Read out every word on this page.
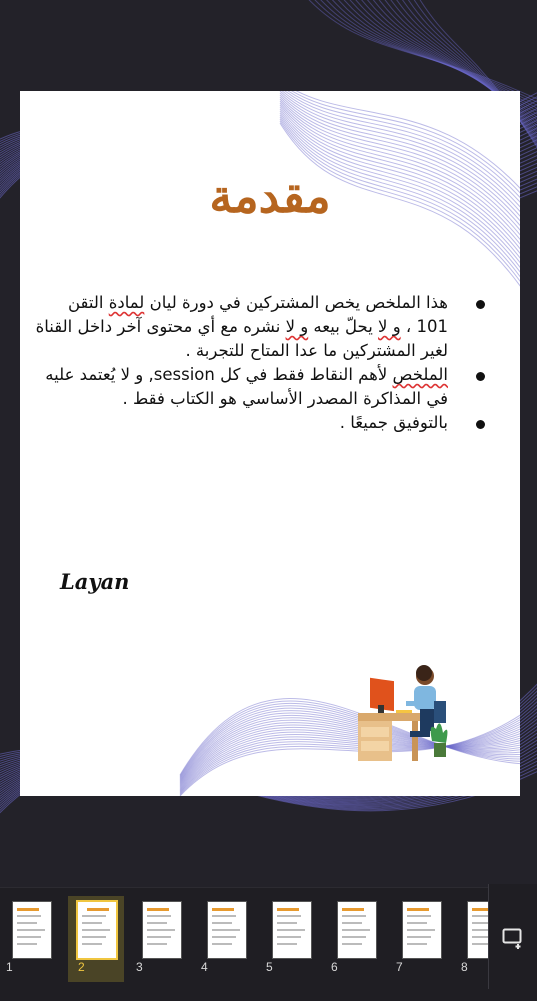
مقدمة
هذا الملخص يخص المشتركين في دورة ليان لمادة التقن 101 ، و لا يحلّ بيعه و لا نشره مع أي محتوى آخر داخل القناة لغير المشتركين ما عدا المتاح للتجربة .
الملخص لأهم النقاط فقط في كل session, و لا يُعتمد عليه في المذاكرة المصدر الأساسي هو الكتاب فقط .
بالتوفيق جميعًا .
Layan
1	2	3	4	5	6	7	8
